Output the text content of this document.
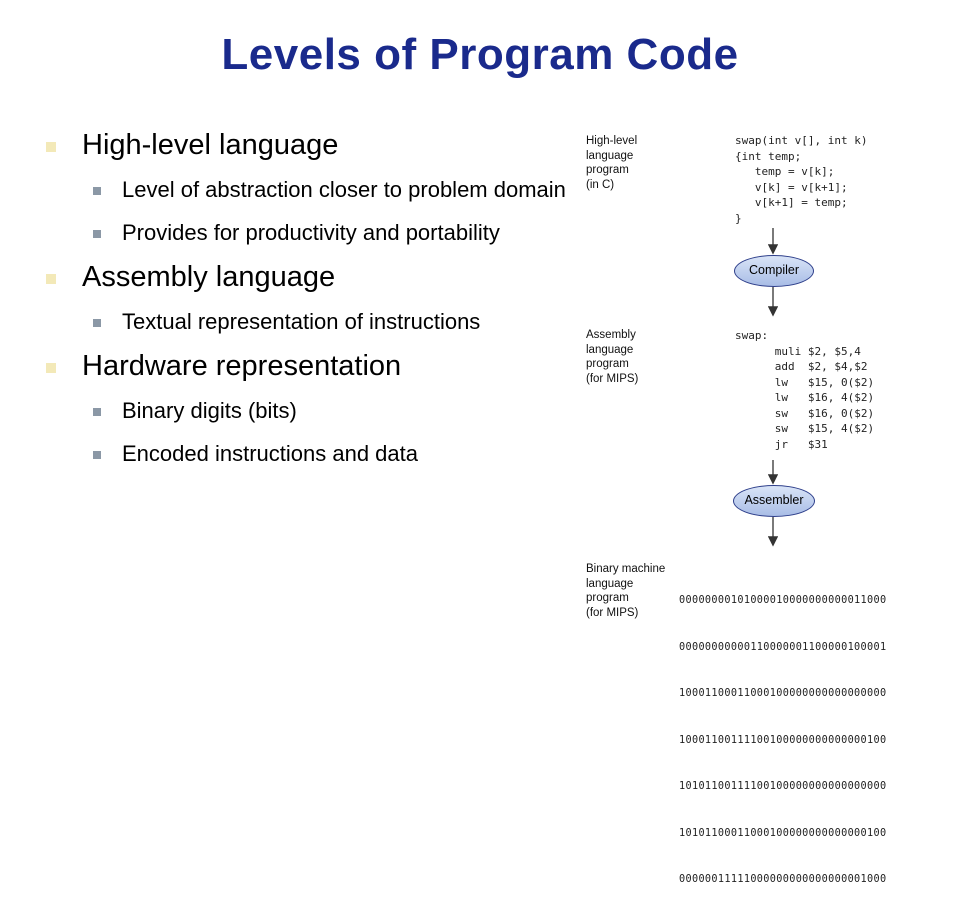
Levels of Program Code
High-level language
Level of abstraction closer to problem domain
Provides for productivity and portability
Assembly language
Textual representation of instructions
Hardware representation
Binary digits (bits)
Encoded instructions and data
High-level
language
program
(in C)
swap(int v[], int k)
{int temp;
temp = v[k];
v[k] = v[k+1];
v[k+1] = temp;
}
Compiler
Assembly
language
program
(for MIPS)
swap:
muli $2, $5,4
add  $2, $4,$2
lw   $15, 0($2)
lw   $16, 4($2)
sw   $16, 0($2)
sw   $15, 4($2)
jr   $31
Assembler
Binary machine
language
program
(for MIPS)

00000000101000010000000000011000

00000000000110000001100000100001

10001100011000100000000000000000

10001100111100100000000000000100

10101100111100100000000000000000

10101100011000100000000000000100

00000011111000000000000000001000
